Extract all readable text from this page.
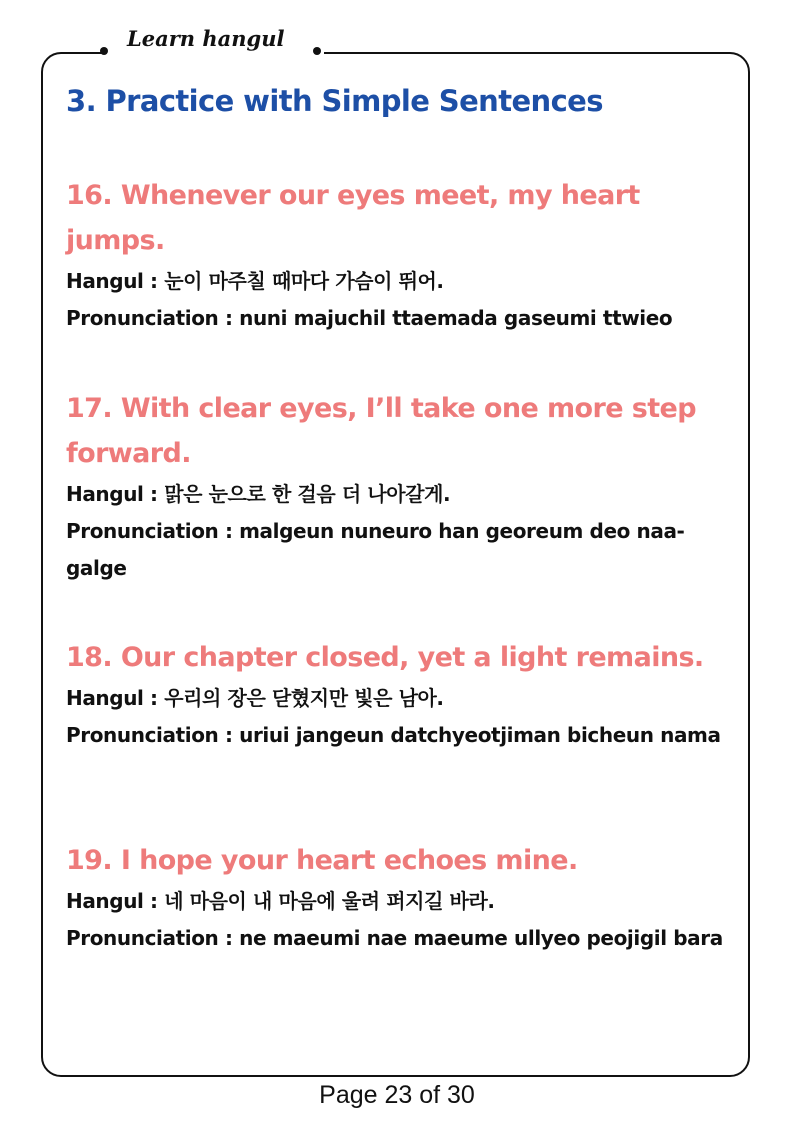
Learn hangul
3. Practice with Simple Sentences
16. Whenever our eyes meet, my heart jumps.
Hangul : 눈이 마주칠 때마다 가슴이 뛰어.
Pronunciation : nuni majuchil ttaemada gaseumi ttwieo
17. With clear eyes, I’ll take one more step forward.
Hangul : 맑은 눈으로 한 걸음 더 나아갈게.
Pronunciation : malgeun nuneuro han georeum deo naa-galge
18. Our chapter closed, yet a light remains.
Hangul : 우리의 장은 닫혔지만 빛은 남아.
Pronunciation : uriui jangeun datchyeotjiman bicheun nama
19. I hope your heart echoes mine.
Hangul : 네 마음이 내 마음에 울려 퍼지길 바라.
Pronunciation : ne maeumi nae maeume ullyeo peojigil bara
Page 23 of 30
